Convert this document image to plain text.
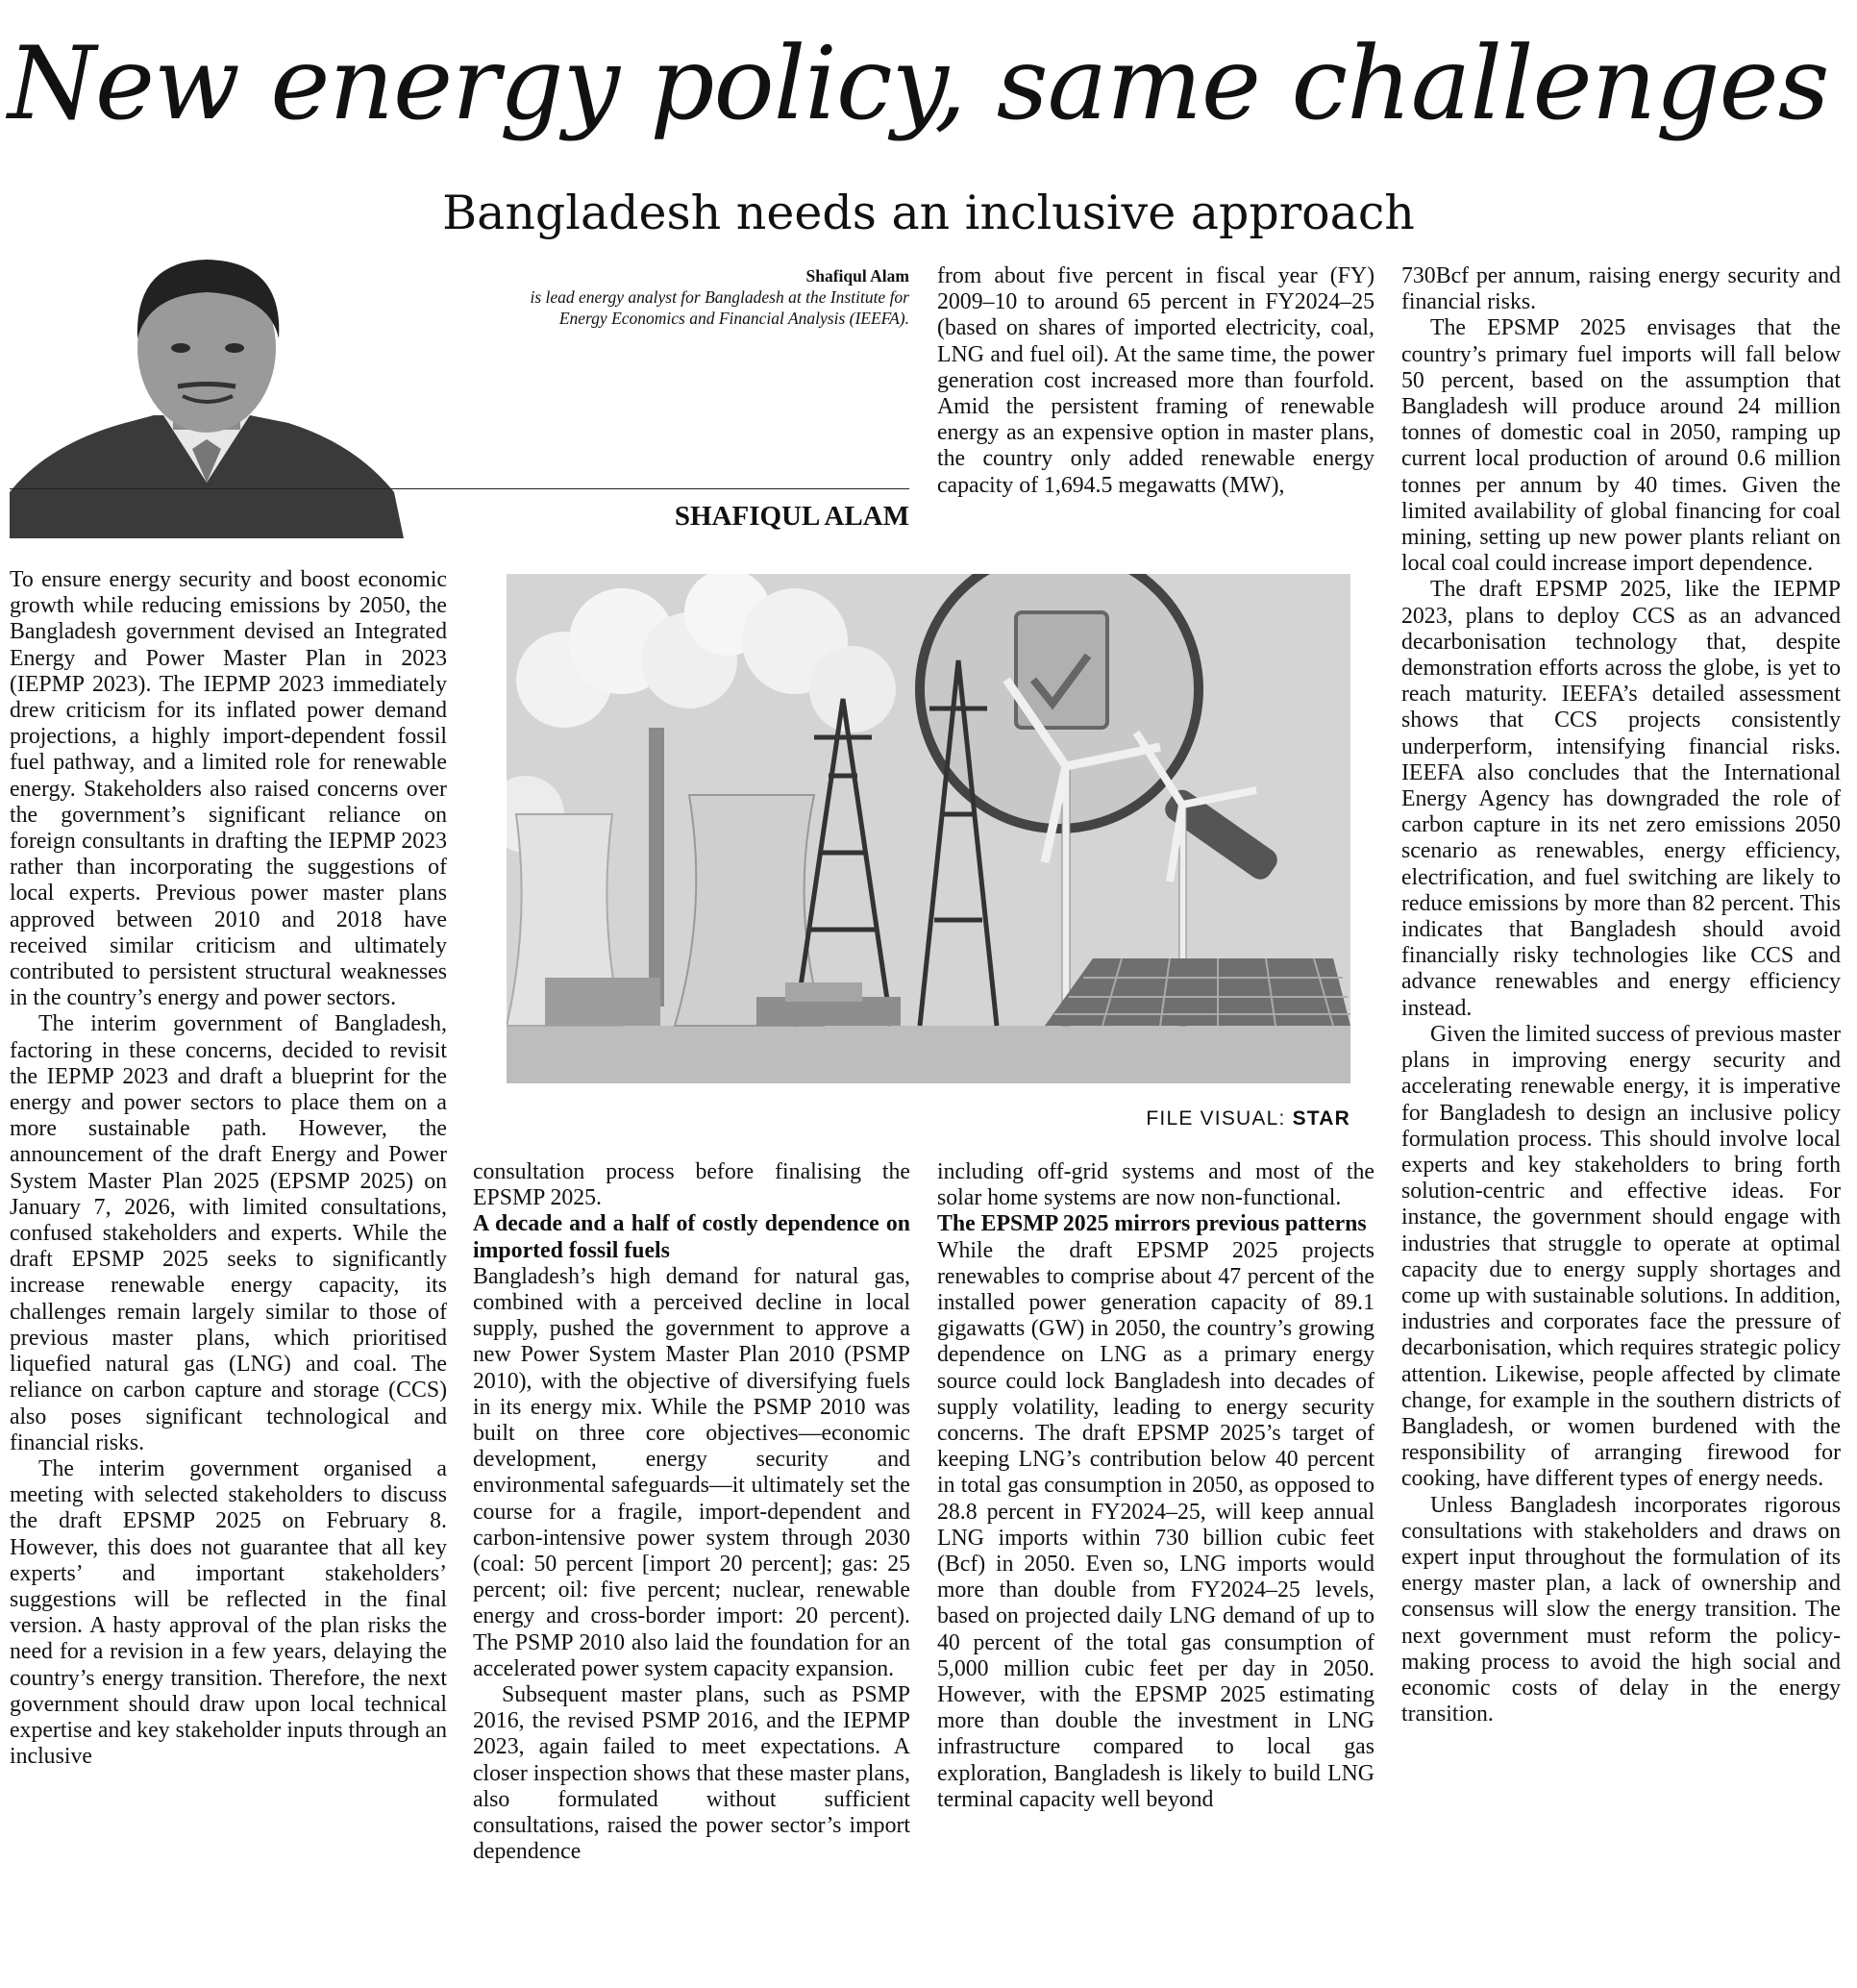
New energy policy, same challenges
Bangladesh needs an inclusive approach
Shafiqul Alam
is lead energy analyst for Bangladesh at the Institute for Energy Economics and Financial Analysis (IEEFA).
SHAFIQUL ALAM

To ensure energy security and boost economic growth while reducing emissions by 2050, the Bangladesh government devised an Integrated Energy and Power Master Plan in 2023 (IEPMP 2023). The IEPMP 2023 immediately drew criticism for its inflated power demand projections, a highly import-dependent fossil fuel pathway, and a limited role for renewable energy. Stakeholders also raised concerns over the government’s significant reliance on foreign consultants in drafting the IEPMP 2023 rather than incorporating the suggestions of local experts. Previous power master plans approved between 2010 and 2018 have received similar criticism and ultimately contributed to persistent structural weaknesses in the country’s energy and power sectors.

The interim government of Bangladesh, factoring in these concerns, decided to revisit the IEPMP 2023 and draft a blueprint for the energy and power sectors to place them on a more sustainable path. However, the announcement of the draft Energy and Power System Master Plan 2025 (EPSMP 2025) on January 7, 2026, with limited consultations, confused stakeholders and experts. While the draft EPSMP 2025 seeks to significantly increase renewable energy capacity, its challenges remain largely similar to those of previous master plans, which prioritised liquefied natural gas (LNG) and coal. The reliance on carbon capture and storage (CCS) also poses significant technological and financial risks.

The interim government organised a meeting with selected stakeholders to discuss the draft EPSMP 2025 on February 8. However, this does not guarantee that all key experts’ and important stakeholders’ suggestions will be reflected in the final version. A hasty approval of the plan risks the need for a revision in a few years, delaying the country’s energy transition. Therefore, the next government should draw upon local technical expertise and key stakeholder inputs through an inclusive

consultation process before finalising the EPSMP 2025.

A decade and a half of costly dependence on imported fossil fuels

Bangladesh’s high demand for natural gas, combined with a perceived decline in local supply, pushed the government to approve a new Power System Master Plan 2010 (PSMP 2010), with the objective of diversifying fuels in its energy mix. While the PSMP 2010 was built on three core objectives—economic development, energy security and environmental safeguards—it ultimately set the course for a fragile, import-dependent and carbon-intensive power system through 2030 (coal: 50 percent [import 20 percent]; gas: 25 percent; oil: five percent; nuclear, renewable energy and cross-border import: 20 percent). The PSMP 2010 also laid the foundation for an accelerated power system capacity expansion.

Subsequent master plans, such as PSMP 2016, the revised PSMP 2016, and the IEPMP 2023, again failed to meet expectations. A closer inspection shows that these master plans, also formulated without sufficient consultations, raised the power sector’s import dependence

from about five percent in fiscal year (FY) 2009–10 to around 65 percent in FY2024–25 (based on shares of imported electricity, coal, LNG and fuel oil). At the same time, the power generation cost increased more than fourfold. Amid the persistent framing of renewable energy as an expensive option in master plans, the country only added renewable energy capacity of 1,694.5 megawatts (MW),

including off-grid systems and most of the solar home systems are now non-functional.

The EPSMP 2025 mirrors previous patterns

While the draft EPSMP 2025 projects renewables to comprise about 47 percent of the installed power generation capacity of 89.1 gigawatts (GW) in 2050, the country’s growing dependence on LNG as a primary energy source could lock Bangladesh into decades of supply volatility, leading to energy security concerns. The draft EPSMP 2025’s target of keeping LNG’s contribution below 40 percent in total gas consumption in 2050, as opposed to 28.8 percent in FY2024–25, will keep annual LNG imports within 730 billion cubic feet (Bcf) in 2050. Even so, LNG imports would more than double from FY2024–25 levels, based on projected daily LNG demand of up to 40 percent of the total gas consumption of 5,000 million cubic feet per day in 2050. However, with the EPSMP 2025 estimating more than double the investment in LNG infrastructure compared to local gas exploration, Bangladesh is likely to build LNG terminal capacity well beyond

730Bcf per annum, raising energy security and financial risks.

The EPSMP 2025 envisages that the country’s primary fuel imports will fall below 50 percent, based on the assumption that Bangladesh will produce around 24 million tonnes of domestic coal in 2050, ramping up current local production of around 0.6 million tonnes per annum by 40 times. Given the limited availability of global financing for coal mining, setting up new power plants reliant on local coal could increase import dependence.

The draft EPSMP 2025, like the IEPMP 2023, plans to deploy CCS as an advanced decarbonisation technology that, despite demonstration efforts across the globe, is yet to reach maturity. IEEFA’s detailed assessment shows that CCS projects consistently underperform, intensifying financial risks. IEEFA also concludes that the International Energy Agency has downgraded the role of carbon capture in its net zero emissions 2050 scenario as renewables, energy efficiency, electrification, and fuel switching are likely to reduce emissions by more than 82 percent. This indicates that Bangladesh should avoid financially risky technologies like CCS and advance renewables and energy efficiency instead.

Given the limited success of previous master plans in improving energy security and accelerating renewable energy, it is imperative for Bangladesh to design an inclusive policy formulation process. This should involve local experts and key stakeholders to bring forth solution-centric and effective ideas. For instance, the government should engage with industries that struggle to operate at optimal capacity due to energy supply shortages and come up with sustainable solutions. In addition, industries and corporates face the pressure of decarbonisation, which requires strategic policy attention. Likewise, people affected by climate change, for example in the southern districts of Bangladesh, or women burdened with the responsibility of arranging firewood for cooking, have different types of energy needs.

Unless Bangladesh incorporates rigorous consultations with stakeholders and draws on expert input throughout the formulation of its energy master plan, a lack of ownership and consensus will slow the energy transition. The next government must reform the policy-making process to avoid the high social and economic costs of delay in the energy transition.

FILE VISUAL: STAR
